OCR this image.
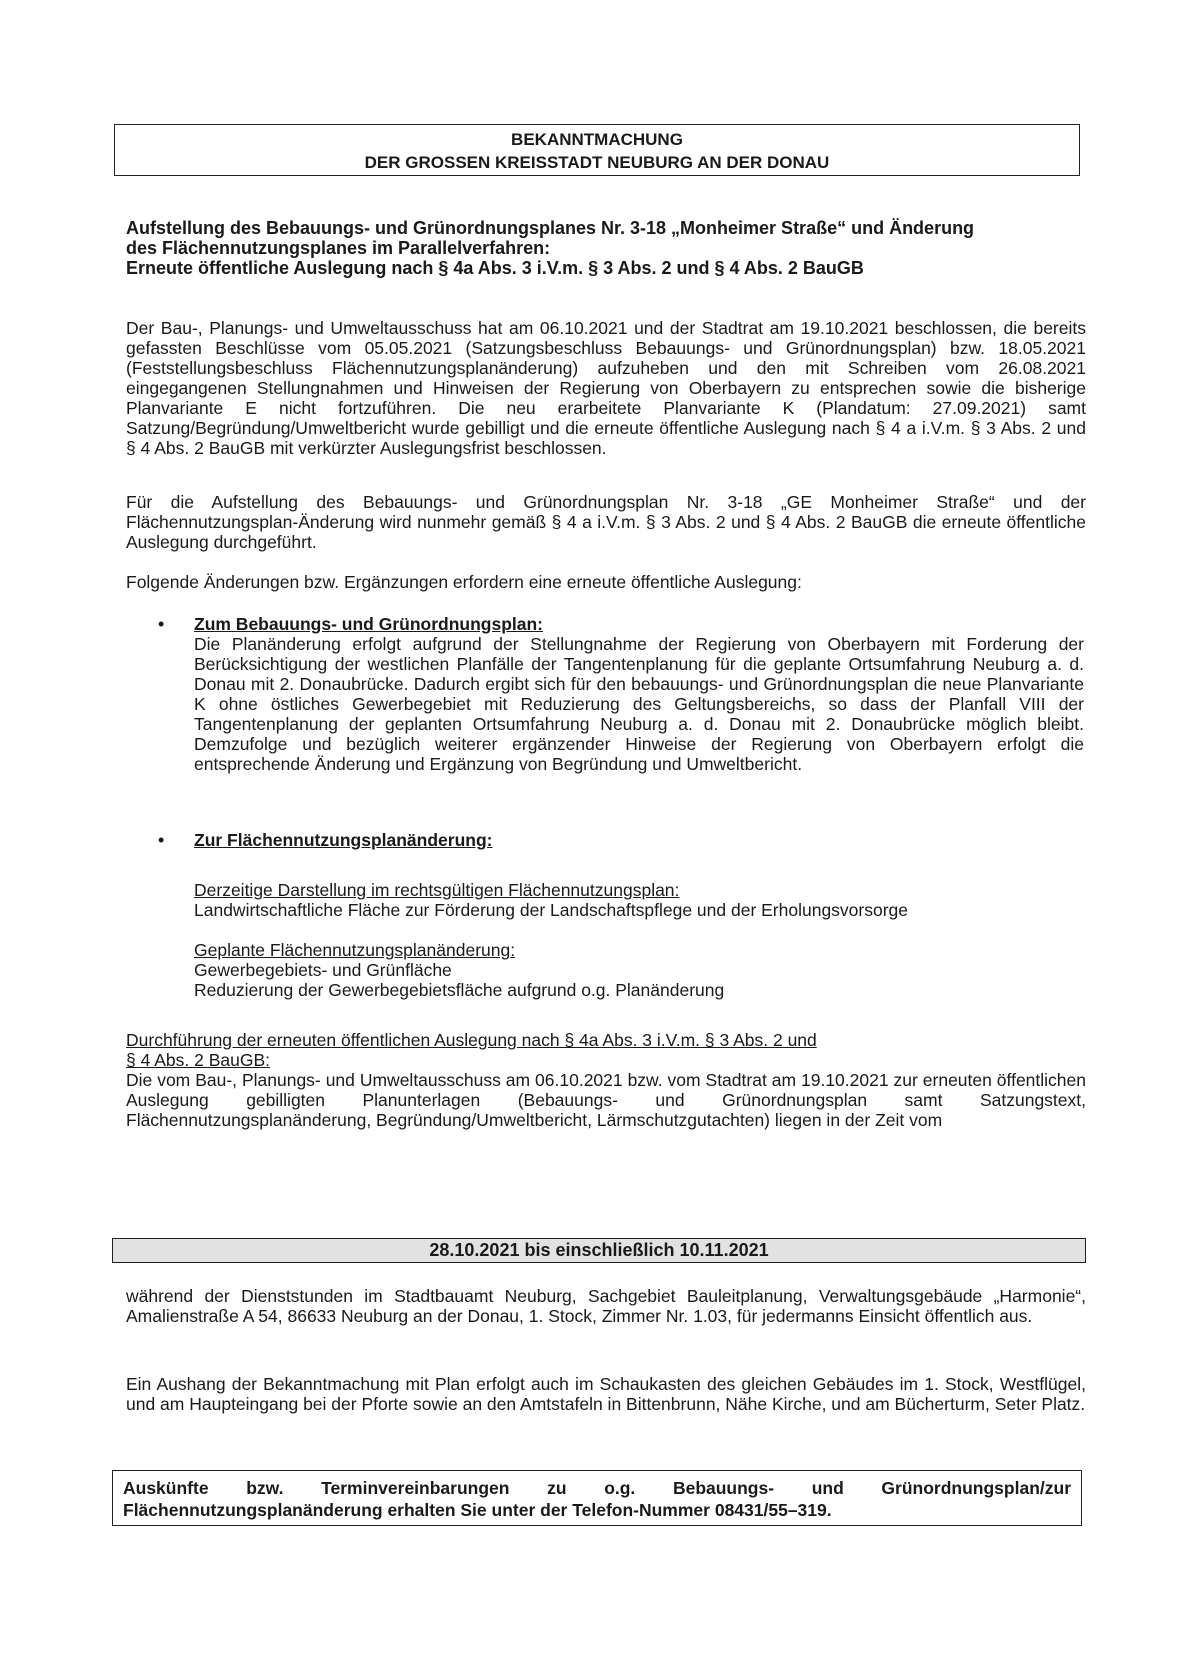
BEKANNTMACHUNG
DER GROSSEN KREISSTADT NEUBURG AN DER DONAU
Aufstellung des Bebauungs- und Grünordnungsplanes Nr. 3-18 „Monheimer Straße“ und Änderung
des Flächennutzungsplanes im Parallelverfahren:
Erneute öffentliche Auslegung nach § 4a Abs. 3 i.V.m. § 3 Abs. 2 und § 4 Abs. 2 BauGB
Der Bau-, Planungs- und Umweltausschuss hat am 06.10.2021 und der Stadtrat am 19.10.2021 beschlossen, die bereits gefassten Beschlüsse vom 05.05.2021 (Satzungsbeschluss Bebauungs- und Grünordnungsplan) bzw. 18.05.2021 (Feststellungsbeschluss Flächennutzungsplanänderung) aufzuheben und den mit Schreiben vom 26.08.2021 eingegangenen Stellungnahmen und Hinweisen der Regierung von Oberbayern zu entsprechen sowie die bisherige Planvariante E nicht fortzuführen. Die neu erarbeitete Planvariante K (Plandatum: 27.09.2021) samt Satzung/Begründung/Umweltbericht wurde gebilligt und die erneute öffentliche Auslegung nach § 4 a i.V.m. § 3 Abs. 2 und § 4 Abs. 2 BauGB mit verkürzter Auslegungsfrist beschlossen.
Für die Aufstellung des Bebauungs- und Grünordnungsplan Nr. 3-18 „GE Monheimer Straße“ und der Flächennutzungsplan-Änderung wird nunmehr gemäß § 4 a i.V.m. § 3 Abs. 2 und § 4 Abs. 2 BauGB die erneute öffentliche Auslegung durchgeführt.
Folgende Änderungen bzw. Ergänzungen erfordern eine erneute öffentliche Auslegung:
• Zum Bebauungs- und Grünordnungsplan:
Die Planänderung erfolgt aufgrund der Stellungnahme der Regierung von Oberbayern mit Forderung der Berücksichtigung der westlichen Planfälle der Tangentenplanung für die geplante Ortsumfahrung Neuburg a. d. Donau mit 2. Donaubrücke. Dadurch ergibt sich für den bebauungs- und Grünordnungsplan die neue Planvariante K ohne östliches Gewerbegebiet mit Reduzierung des Geltungsbereichs, so dass der Planfall VIII der Tangentenplanung der geplanten Ortsumfahrung Neuburg a. d. Donau mit 2. Donaubrücke möglich bleibt. Demzufolge und bezüglich weiterer ergänzender Hinweise der Regierung von Oberbayern erfolgt die entsprechende Änderung und Ergänzung von Begründung und Umweltbericht.
• Zur Flächennutzungsplanänderung:
Derzeitige Darstellung im rechtsgültigen Flächennutzungsplan:
Landwirtschaftliche Fläche zur Förderung der Landschaftspflege und der Erholungsvorsorge
Geplante Flächennutzungsplanänderung:
Gewerbegebiets- und Grünfläche
Reduzierung der Gewerbegebietsfläche aufgrund o.g. Planänderung
Durchführung der erneuten öffentlichen Auslegung nach § 4a Abs. 3 i.V.m. § 3 Abs. 2 und
§ 4 Abs. 2 BauGB:
Die vom Bau-, Planungs- und Umweltausschuss am 06.10.2021 bzw. vom Stadtrat am 19.10.2021 zur erneuten öffentlichen Auslegung gebilligten Planunterlagen (Bebauungs- und Grünordnungsplan samt Satzungstext, Flächennutzungsplanänderung, Begründung/Umweltbericht, Lärmschutzgutachten) liegen in der Zeit vom
28.10.2021 bis einschließlich 10.11.2021
während der Dienststunden im Stadtbauamt Neuburg, Sachgebiet Bauleitplanung, Verwaltungsgebäude „Harmonie“, Amalienstraße A 54, 86633 Neuburg an der Donau, 1. Stock, Zimmer Nr. 1.03, für jedermanns Einsicht öffentlich aus.
Ein Aushang der Bekanntmachung mit Plan erfolgt auch im Schaukasten des gleichen Gebäudes im 1. Stock, Westflügel, und am Haupteingang bei der Pforte sowie an den Amtstafeln in Bittenbrunn, Nähe Kirche, und am Bücherturm, Seter Platz.
Auskünfte bzw. Terminvereinbarungen zu o.g. Bebauungs- und Grünordnungsplan/zur Flächennutzungsplanänderung erhalten Sie unter der Telefon-Nummer 08431/55–319.
